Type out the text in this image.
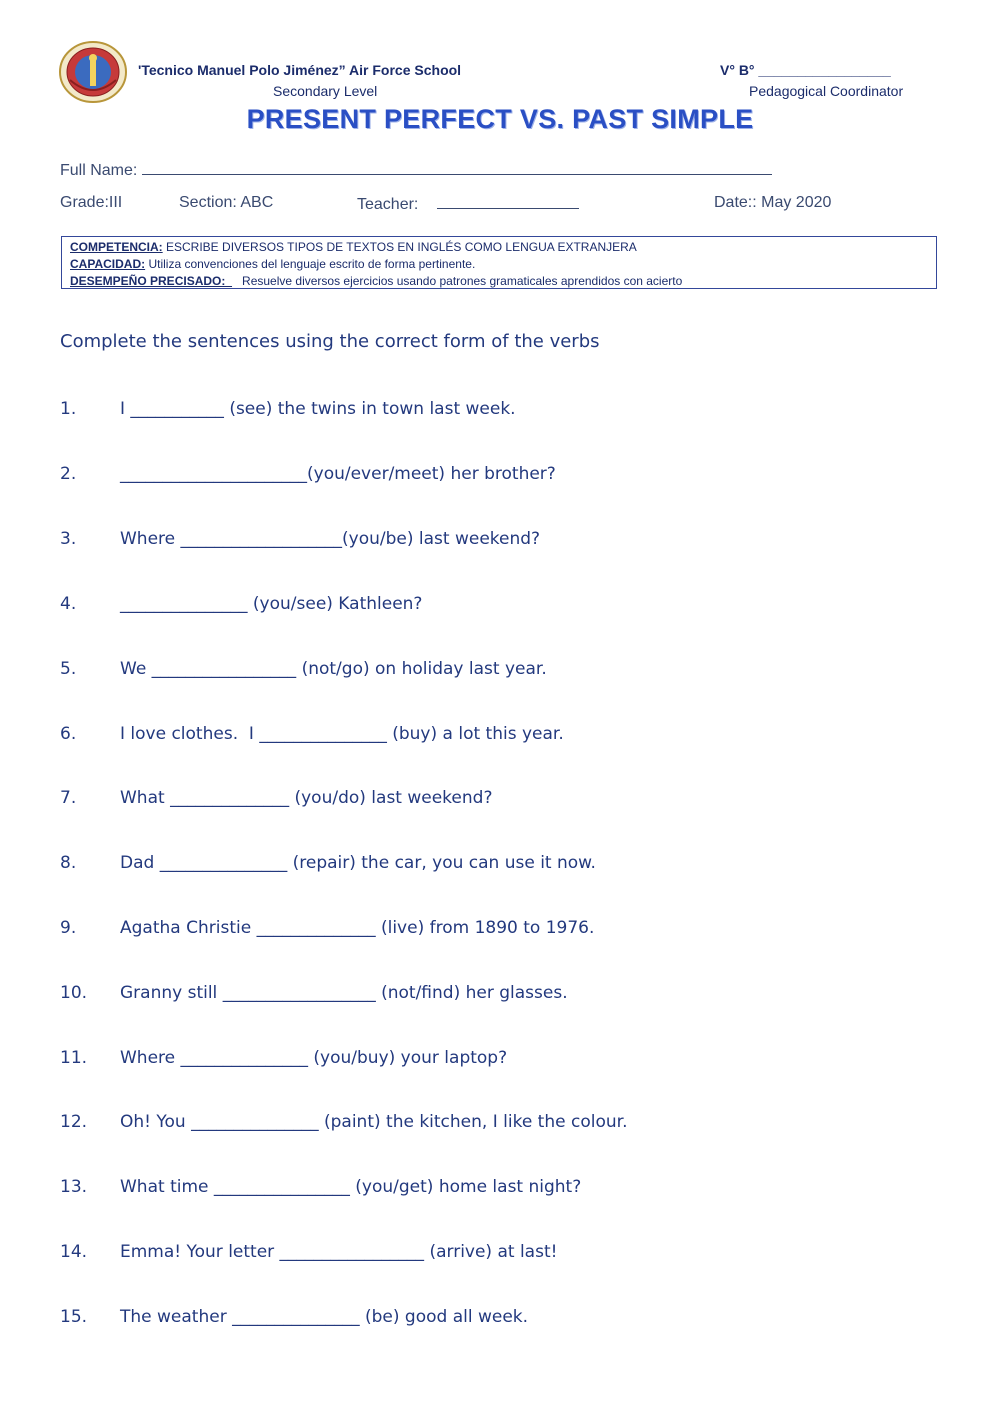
'Tecnico Manuel Polo Jiménez” Air Force School
Secondary Level
V° B° _________________
Pedagogical Coordinator
PRESENT PERFECT VS. PAST SIMPLE
Full Name:
Grade:III	Section: ABC	Teacher:	Date:: May 2020
COMPETENCIA: ESCRIBE DIVERSOS TIPOS DE TEXTOS EN INGLÉS COMO LENGUA EXTRANJERA
CAPACIDAD: Utiliza convenciones del lenguaje escrito de forma pertinente.
DESEMPEÑO PRECISADO:     Resuelve diversos ejercicios usando patrones gramaticales aprendidos con acierto
Complete the sentences using the correct form of the verbs
1.	I ___________ (see) the twins in town last week.
2.	______________________(you/ever/meet) her brother?
3.	Where ___________________(you/be) last weekend?
4.	_______________ (you/see) Kathleen?
5.	We _________________ (not/go) on holiday last year.
6.	I love clothes.  I _______________ (buy) a lot this year.
7.	What ______________ (you/do) last weekend?
8.	Dad _______________ (repair) the car, you can use it now.
9.	Agatha Christie ______________ (live) from 1890 to 1976.
10. Granny still __________________ (not/find) her glasses.
11. Where _______________ (you/buy) your laptop?
12. Oh! You _______________ (paint) the kitchen, I like the colour.
13. What time ________________ (you/get) home last night?
14. Emma! Your letter _________________ (arrive) at last!
15. The weather _______________ (be) good all week.
